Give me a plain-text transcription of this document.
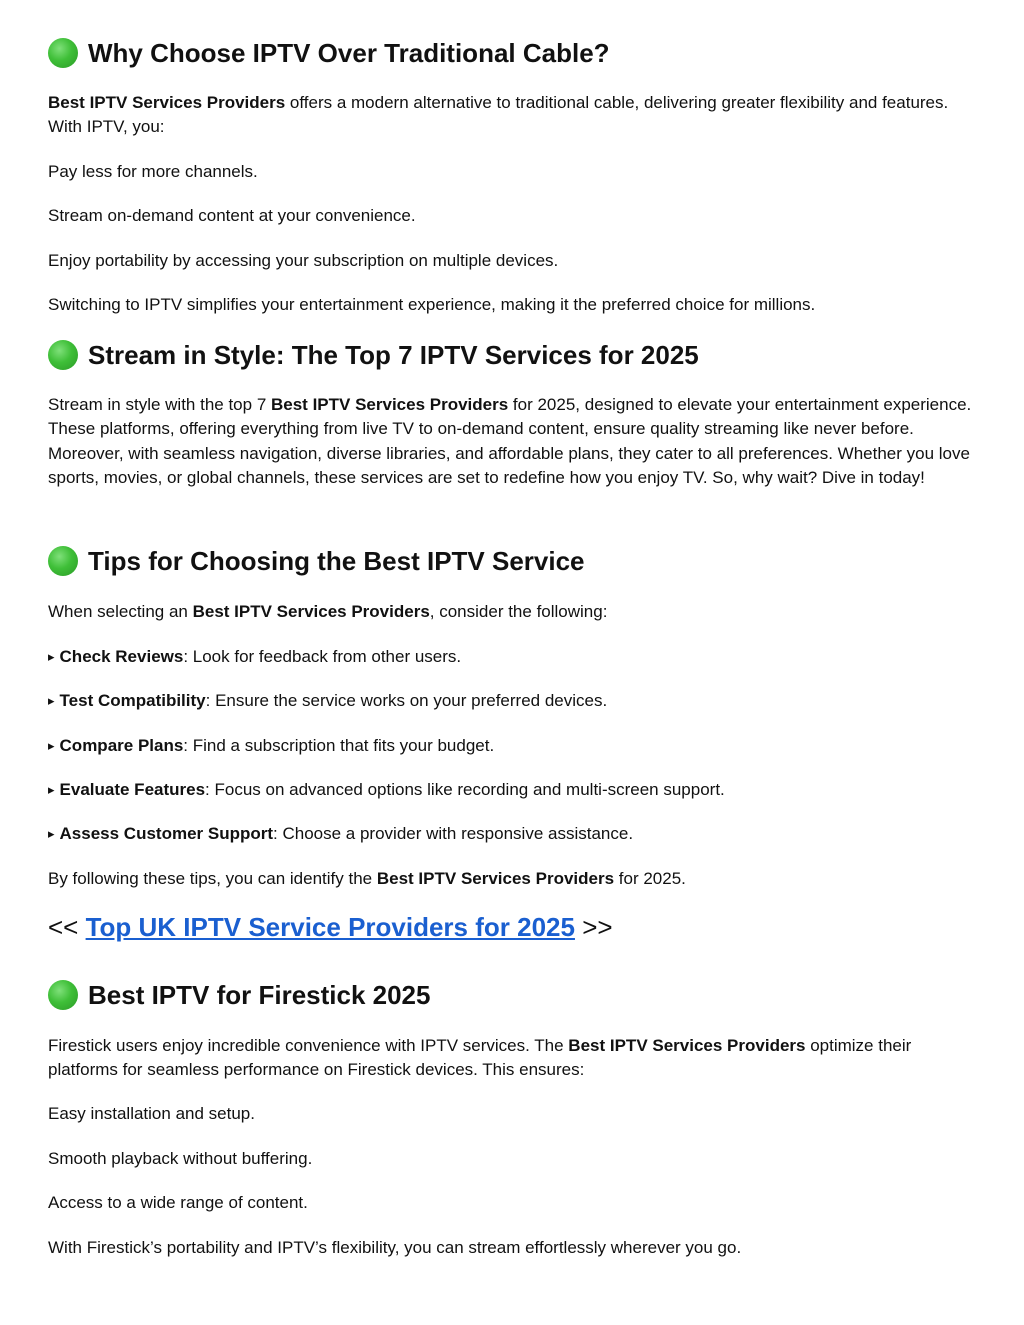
Why Choose IPTV Over Traditional Cable?

Best IPTV Services Providers offers a modern alternative to traditional cable, delivering greater flexibility and features. With IPTV, you:

Pay less for more channels.

Stream on-demand content at your convenience.

Enjoy portability by accessing your subscription on multiple devices.

Switching to IPTV simplifies your entertainment experience, making it the preferred choice for millions.

Stream in Style: The Top 7 IPTV Services for 2025

Stream in style with the top 7 Best IPTV Services Providers for 2025, designed to elevate your entertainment experience. These platforms, offering everything from live TV to on-demand content, ensure quality streaming like never before. Moreover, with seamless navigation, diverse libraries, and affordable plans, they cater to all preferences. Whether you love sports, movies, or global channels, these services are set to redefine how you enjoy TV. So, why wait? Dive in today!

Tips for Choosing the Best IPTV Service

When selecting an Best IPTV Services Providers, consider the following:

▸ Check Reviews: Look for feedback from other users.

▸ Test Compatibility: Ensure the service works on your preferred devices.

▸ Compare Plans: Find a subscription that fits your budget.

▸ Evaluate Features: Focus on advanced options like recording and multi-screen support.

▸ Assess Customer Support: Choose a provider with responsive assistance.

By following these tips, you can identify the Best IPTV Services Providers for 2025.

<< Top UK IPTV Service Providers for 2025 >>
Best IPTV for Firestick 2025

Firestick users enjoy incredible convenience with IPTV services. The Best IPTV Services Providers optimize their platforms for seamless performance on Firestick devices. This ensures:

Easy installation and setup.

Smooth playback without buffering.

Access to a wide range of content.

With Firestick’s portability and IPTV’s flexibility, you can stream effortlessly wherever you go.
